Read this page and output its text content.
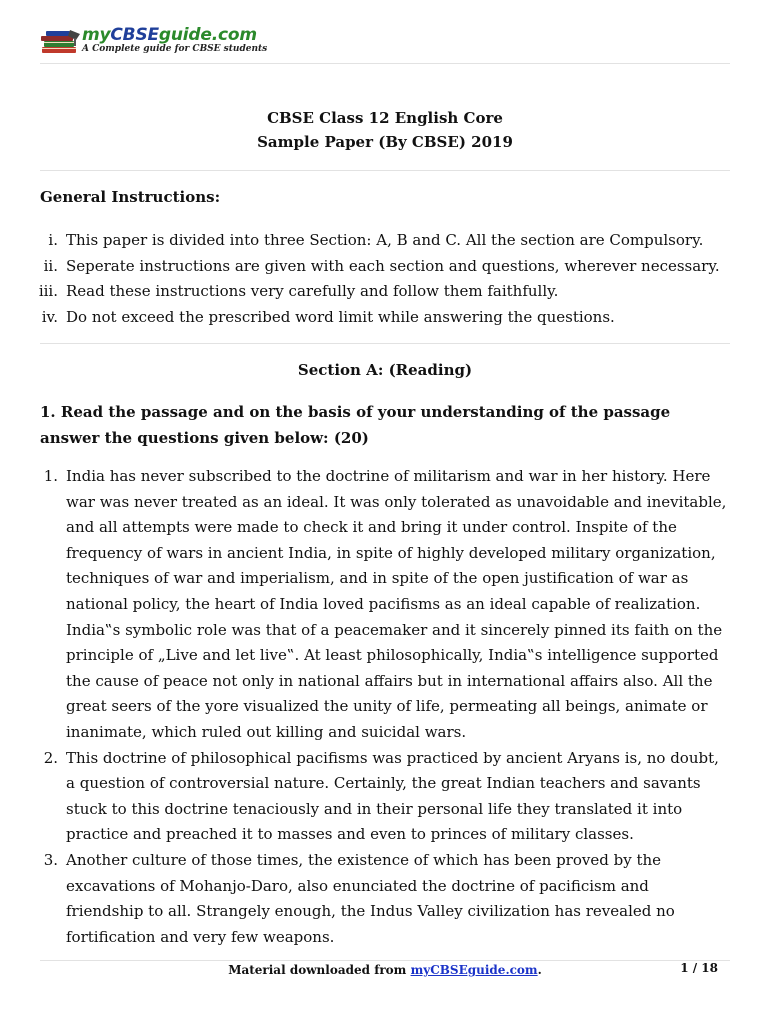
myCBSEguide.com
A Complete guide for CBSE students
CBSE Class 12 English Core
Sample Paper (By CBSE) 2019
General Instructions:
i. This paper is divided into three Section: A, B and C. All the section are Compulsory.
ii. Seperate instructions are given with each section and questions, wherever necessary.
iii. Read these instructions very carefully and follow them faithfully.
iv. Do not exceed the prescribed word limit while answering the questions.
Section A: (Reading)
1. Read the passage and on the basis of your understanding of the passage answer the questions given below: (20)
1. India has never subscribed to the doctrine of militarism and war in her history. Here war was never treated as an ideal. It was only tolerated as unavoidable and inevitable, and all attempts were made to check it and bring it under control. Inspite of the frequency of wars in ancient India, in spite of highly developed military organization, techniques of war and imperialism, and in spite of the open justification of war as national policy, the heart of India loved pacifisms as an ideal capable of realization. India‟s symbolic role was that of a peacemaker and it sincerely pinned its faith on the principle of „Live and let live‟. At least philosophically, India‟s intelligence supported the cause of peace not only in national affairs but in international affairs also. All the great seers of the yore visualized the unity of life, permeating all beings, animate or inanimate, which ruled out killing and suicidal wars.
2. This doctrine of philosophical pacifisms was practiced by ancient Aryans is, no doubt, a question of controversial nature. Certainly, the great Indian teachers and savants stuck to this doctrine tenaciously and in their personal life they translated it into practice and preached it to masses and even to princes of military classes.
3. Another culture of those times, the existence of which has been proved by the excavations of Mohanjo-Daro, also enunciated the doctrine of pacificism and friendship to all. Strangely enough, the Indus Valley civilization has revealed no fortification and very few weapons.
Material downloaded from myCBSEguide.com.	1 / 18
